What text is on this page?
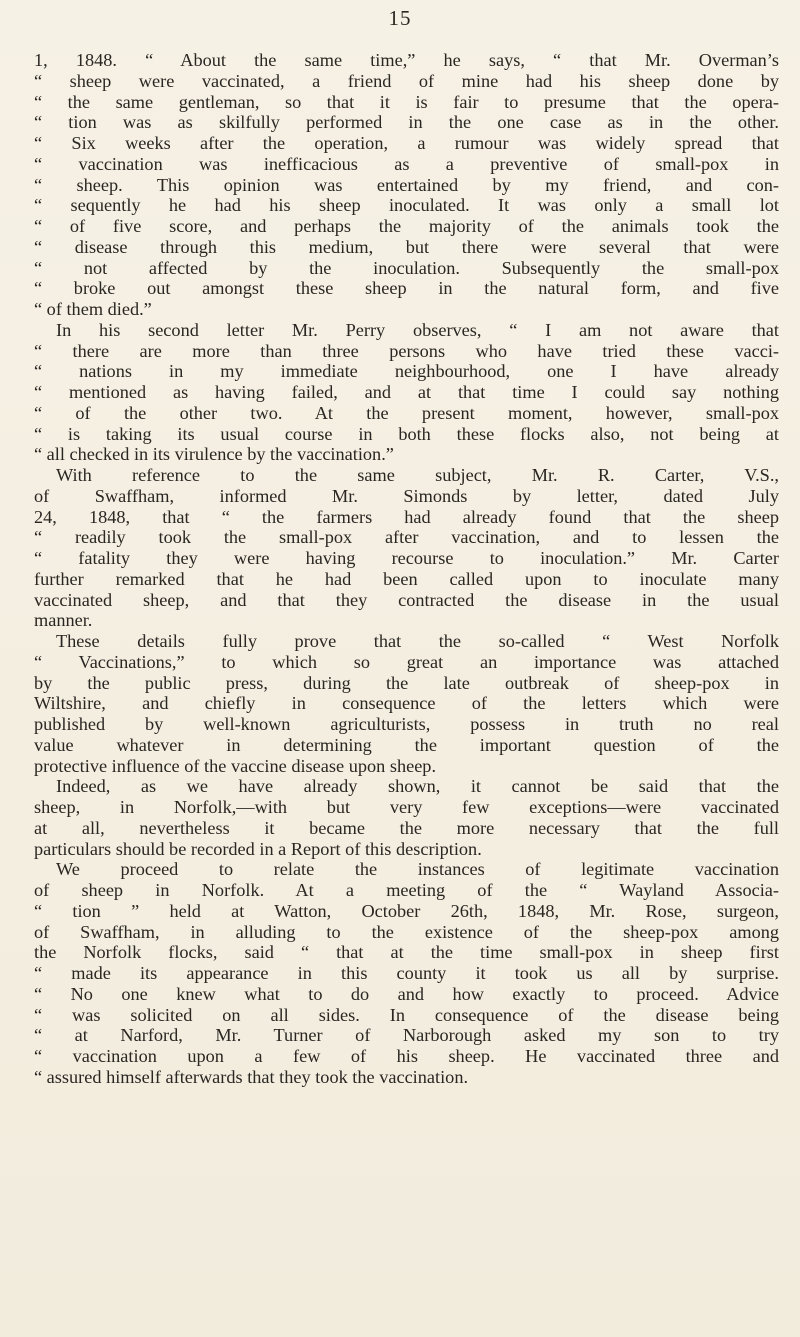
15
1, 1848. “ About the same time,” he says, “ that Mr. Overman’s
“ sheep were vaccinated, a friend of mine had his sheep done by
“ the same gentleman, so that it is fair to presume that the opera-
“ tion was as skilfully performed in the one case as in the other.
“ Six weeks after the operation, a rumour was widely spread that
“ vaccination was inefficacious as a preventive of small-pox in
“ sheep. This opinion was entertained by my friend, and con-
“ sequently he had his sheep inoculated. It was only a small lot
“ of five score, and perhaps the majority of the animals took the
“ disease through this medium, but there were several that were
“ not affected by the inoculation. Subsequently the small-pox
“ broke out amongst these sheep in the natural form, and five
“ of them died.”
In his second letter Mr. Perry observes, “ I am not aware that
“ there are more than three persons who have tried these vacci-
“ nations in my immediate neighbourhood, one I have already
“ mentioned as having failed, and at that time I could say nothing
“ of the other two. At the present moment, however, small-pox
“ is taking its usual course in both these flocks also, not being at
“ all checked in its virulence by the vaccination.”
With reference to the same subject, Mr. R. Carter, V.S.,
of Swaffham, informed Mr. Simonds by letter, dated July
24, 1848, that “ the farmers had already found that the sheep
“ readily took the small-pox after vaccination, and to lessen the
“ fatality they were having recourse to inoculation.” Mr. Carter
further remarked that he had been called upon to inoculate many
vaccinated sheep, and that they contracted the disease in the usual
manner.
These details fully prove that the so-called “ West Norfolk
“ Vaccinations,” to which so great an importance was attached
by the public press, during the late outbreak of sheep-pox in
Wiltshire, and chiefly in consequence of the letters which were
published by well-known agriculturists, possess in truth no real
value whatever in determining the important question of the
protective influence of the vaccine disease upon sheep.
Indeed, as we have already shown, it cannot be said that the
sheep, in Norfolk,—with but very few exceptions—were vaccinated
at all, nevertheless it became the more necessary that the full
particulars should be recorded in a Report of this description.
We proceed to relate the instances of legitimate vaccination
of sheep in Norfolk. At a meeting of the “ Wayland Associa-
“ tion ” held at Watton, October 26th, 1848, Mr. Rose, surgeon,
of Swaffham, in alluding to the existence of the sheep-pox among
the Norfolk flocks, said “ that at the time small-pox in sheep first
“ made its appearance in this county it took us all by surprise.
“ No one knew what to do and how exactly to proceed. Advice
“ was solicited on all sides. In consequence of the disease being
“ at Narford, Mr. Turner of Narborough asked my son to try
“ vaccination upon a few of his sheep. He vaccinated three and
“ assured himself afterwards that they took the vaccination.
